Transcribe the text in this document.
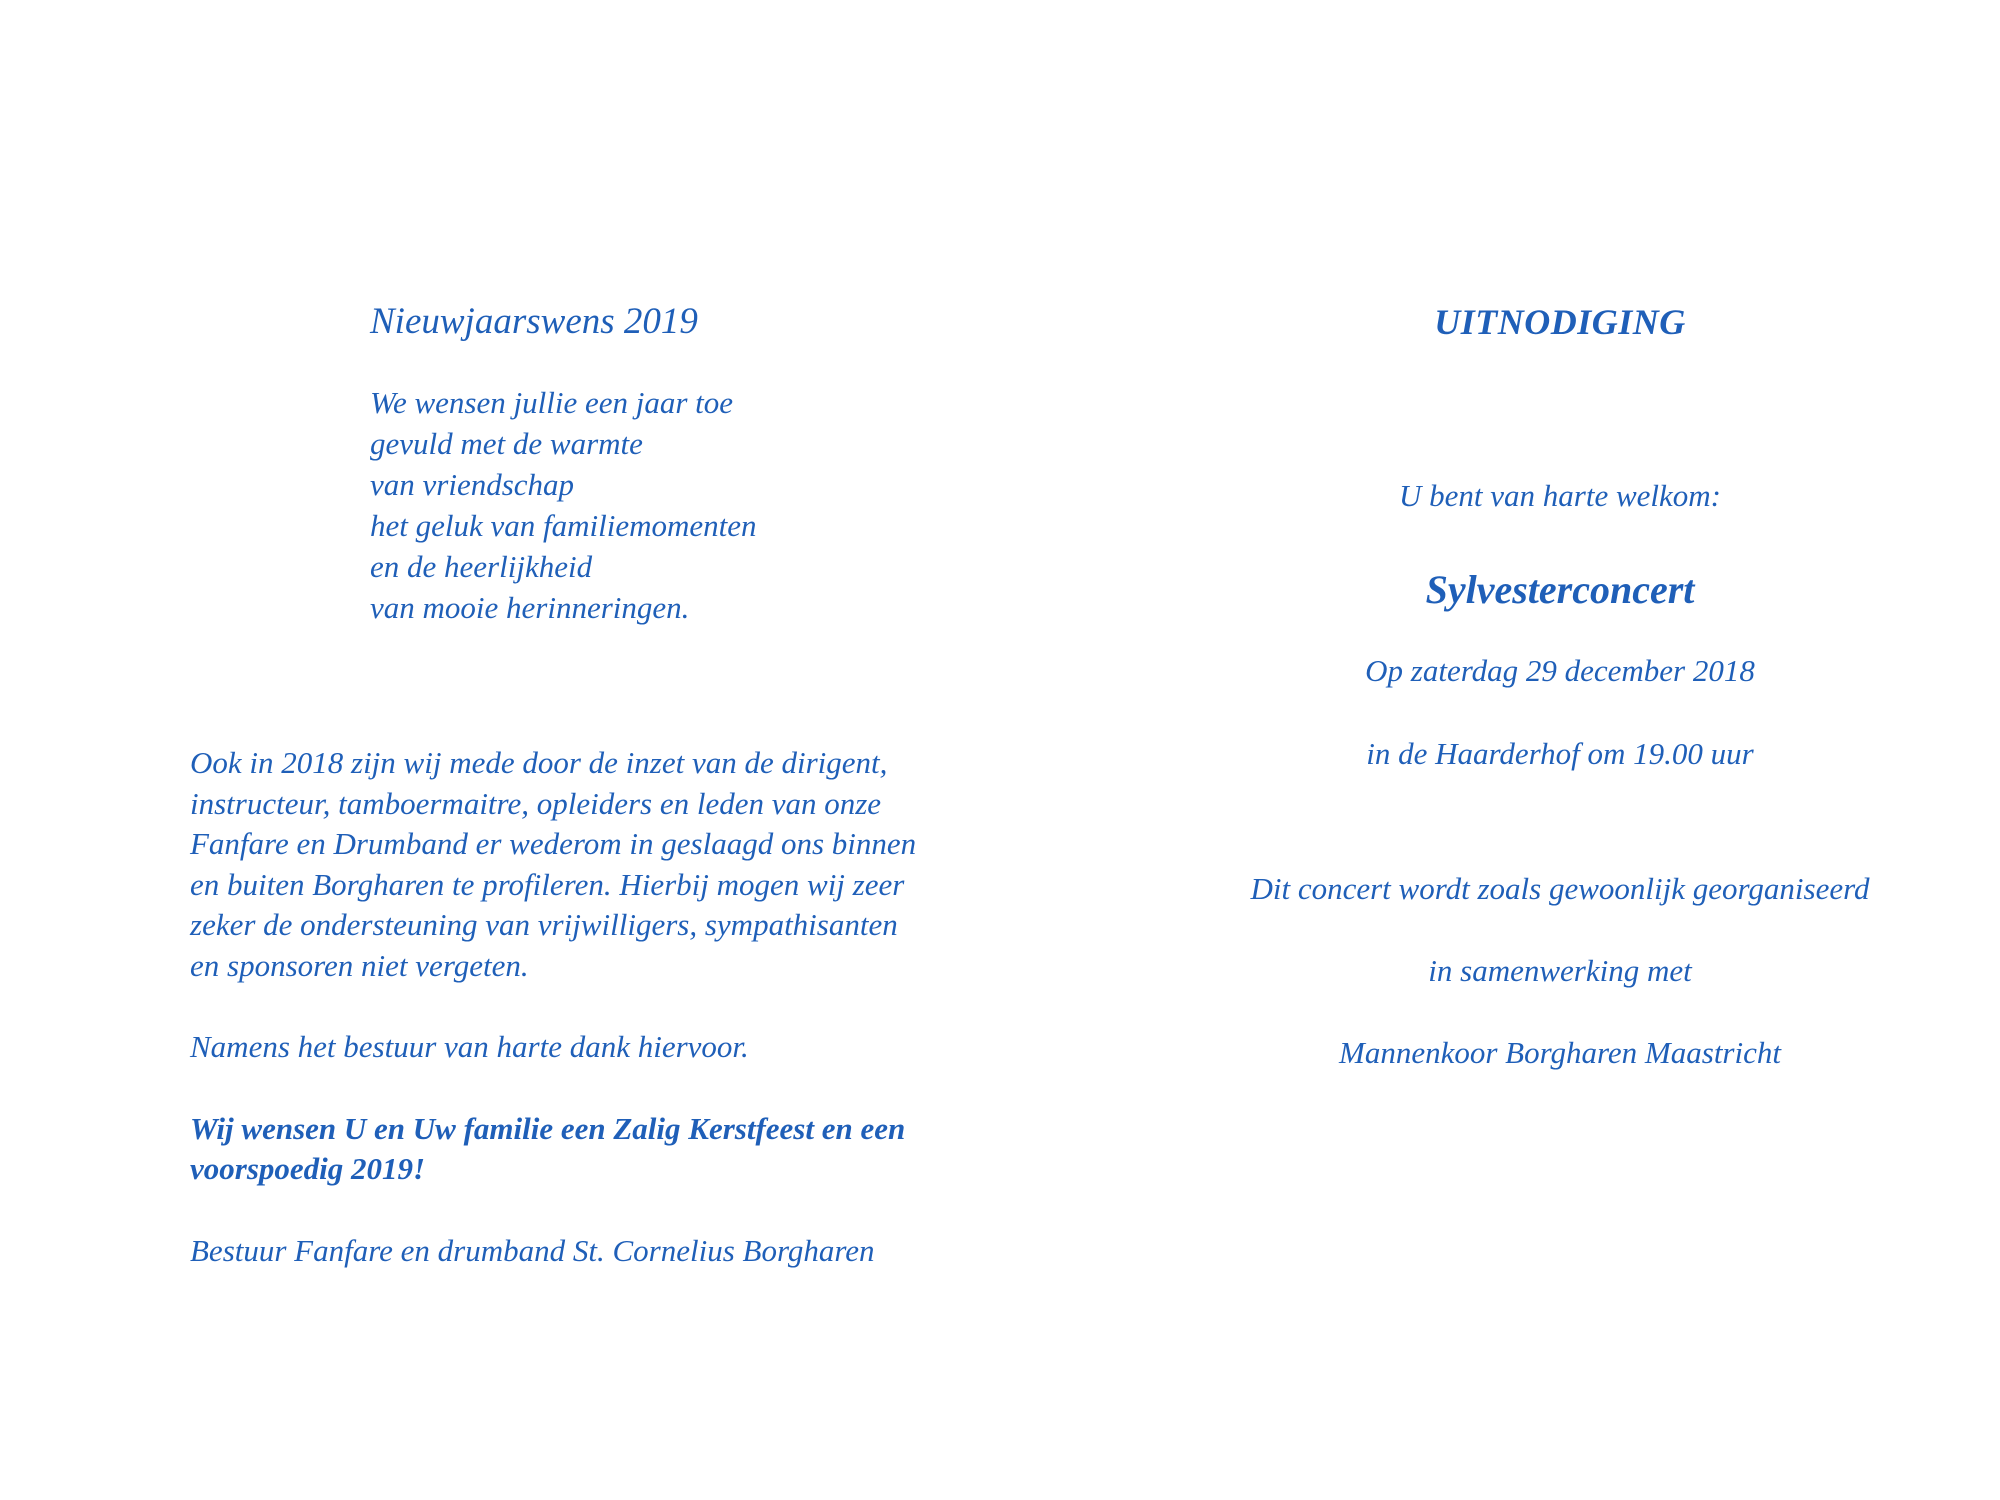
Nieuwjaarswens 2019
We wensen jullie een jaar toe
gevuld met de warmte
van vriendschap
het geluk van familiemomenten
en de heerlijkheid
van mooie herinneringen.

Ook in 2018 zijn wij mede door de inzet van de dirigent,
instructeur, tamboermaitre, opleiders en leden van onze
Fanfare en Drumband er wederom in geslaagd ons binnen
en buiten Borgharen te profileren. Hierbij mogen wij zeer
zeker de ondersteuning van vrijwilligers, sympathisanten
en sponsoren niet vergeten.

Namens het bestuur van harte dank hiervoor.

Wij wensen U en Uw familie een Zalig Kerstfeest en een
voorspoedig 2019!

Bestuur Fanfare en drumband St. Cornelius Borgharen

UITNODIGING
U bent van harte welkom:
Sylvesterconcert
Op zaterdag 29 december 2018
in de Haarderhof om 19.00 uur
Dit concert wordt zoals gewoonlijk georganiseerd
in samenwerking met
Mannenkoor Borgharen Maastricht
